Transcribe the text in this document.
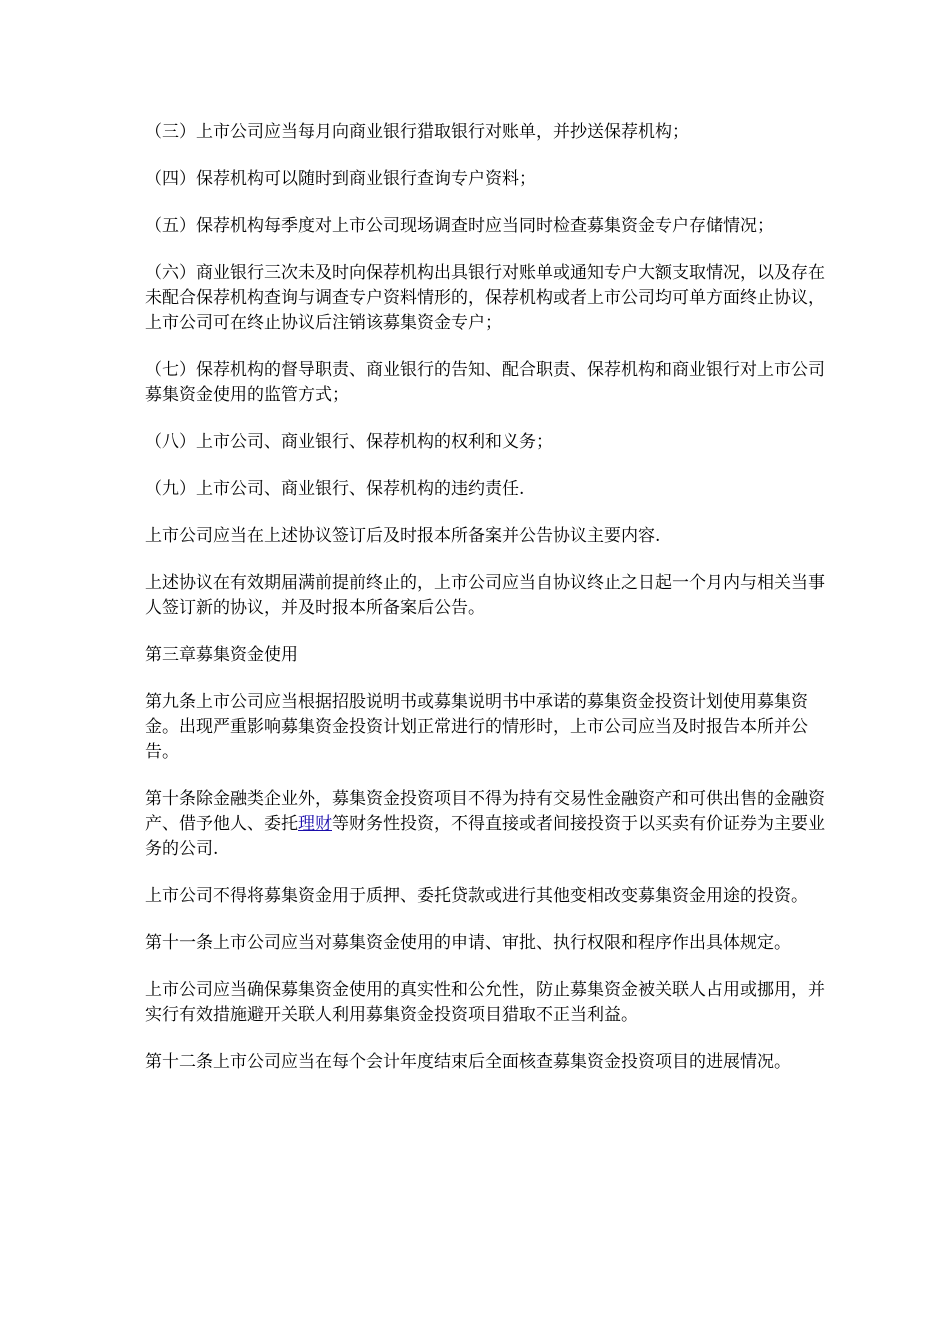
（三）上市公司应当每月向商业银行猎取银行对账单，并抄送保荐机构；

（四）保荐机构可以随时到商业银行查询专户资料；

（五）保荐机构每季度对上市公司现场调查时应当同时检查募集资金专户存储情况；

（六）商业银行三次未及时向保荐机构出具银行对账单或通知专户大额支取情况，以及存在未配合保荐机构查询与调查专户资料情形的，保荐机构或者上市公司均可单方面终止协议，上市公司可在终止协议后注销该募集资金专户；

（七）保荐机构的督导职责、商业银行的告知、配合职责、保荐机构和商业银行对上市公司募集资金使用的监管方式；

（八）上市公司、商业银行、保荐机构的权利和义务；

（九）上市公司、商业银行、保荐机构的违约责任.

上市公司应当在上述协议签订后及时报本所备案并公告协议主要内容.

上述协议在有效期届满前提前终止的，上市公司应当自协议终止之日起一个月内与相关当事人签订新的协议，并及时报本所备案后公告。

第三章募集资金使用

第九条上市公司应当根据招股说明书或募集说明书中承诺的募集资金投资计划使用募集资金。出现严重影响募集资金投资计划正常进行的情形时，上市公司应当及时报告本所并公告。

第十条除金融类企业外，募集资金投资项目不得为持有交易性金融资产和可供出售的金融资产、借予他人、委托理财等财务性投资，不得直接或者间接投资于以买卖有价证券为主要业务的公司.

上市公司不得将募集资金用于质押、委托贷款或进行其他变相改变募集资金用途的投资。

第十一条上市公司应当对募集资金使用的申请、审批、执行权限和程序作出具体规定。

上市公司应当确保募集资金使用的真实性和公允性，防止募集资金被关联人占用或挪用，并实行有效措施避开关联人利用募集资金投资项目猎取不正当利益。

第十二条上市公司应当在每个会计年度结束后全面核查募集资金投资项目的进展情况。
